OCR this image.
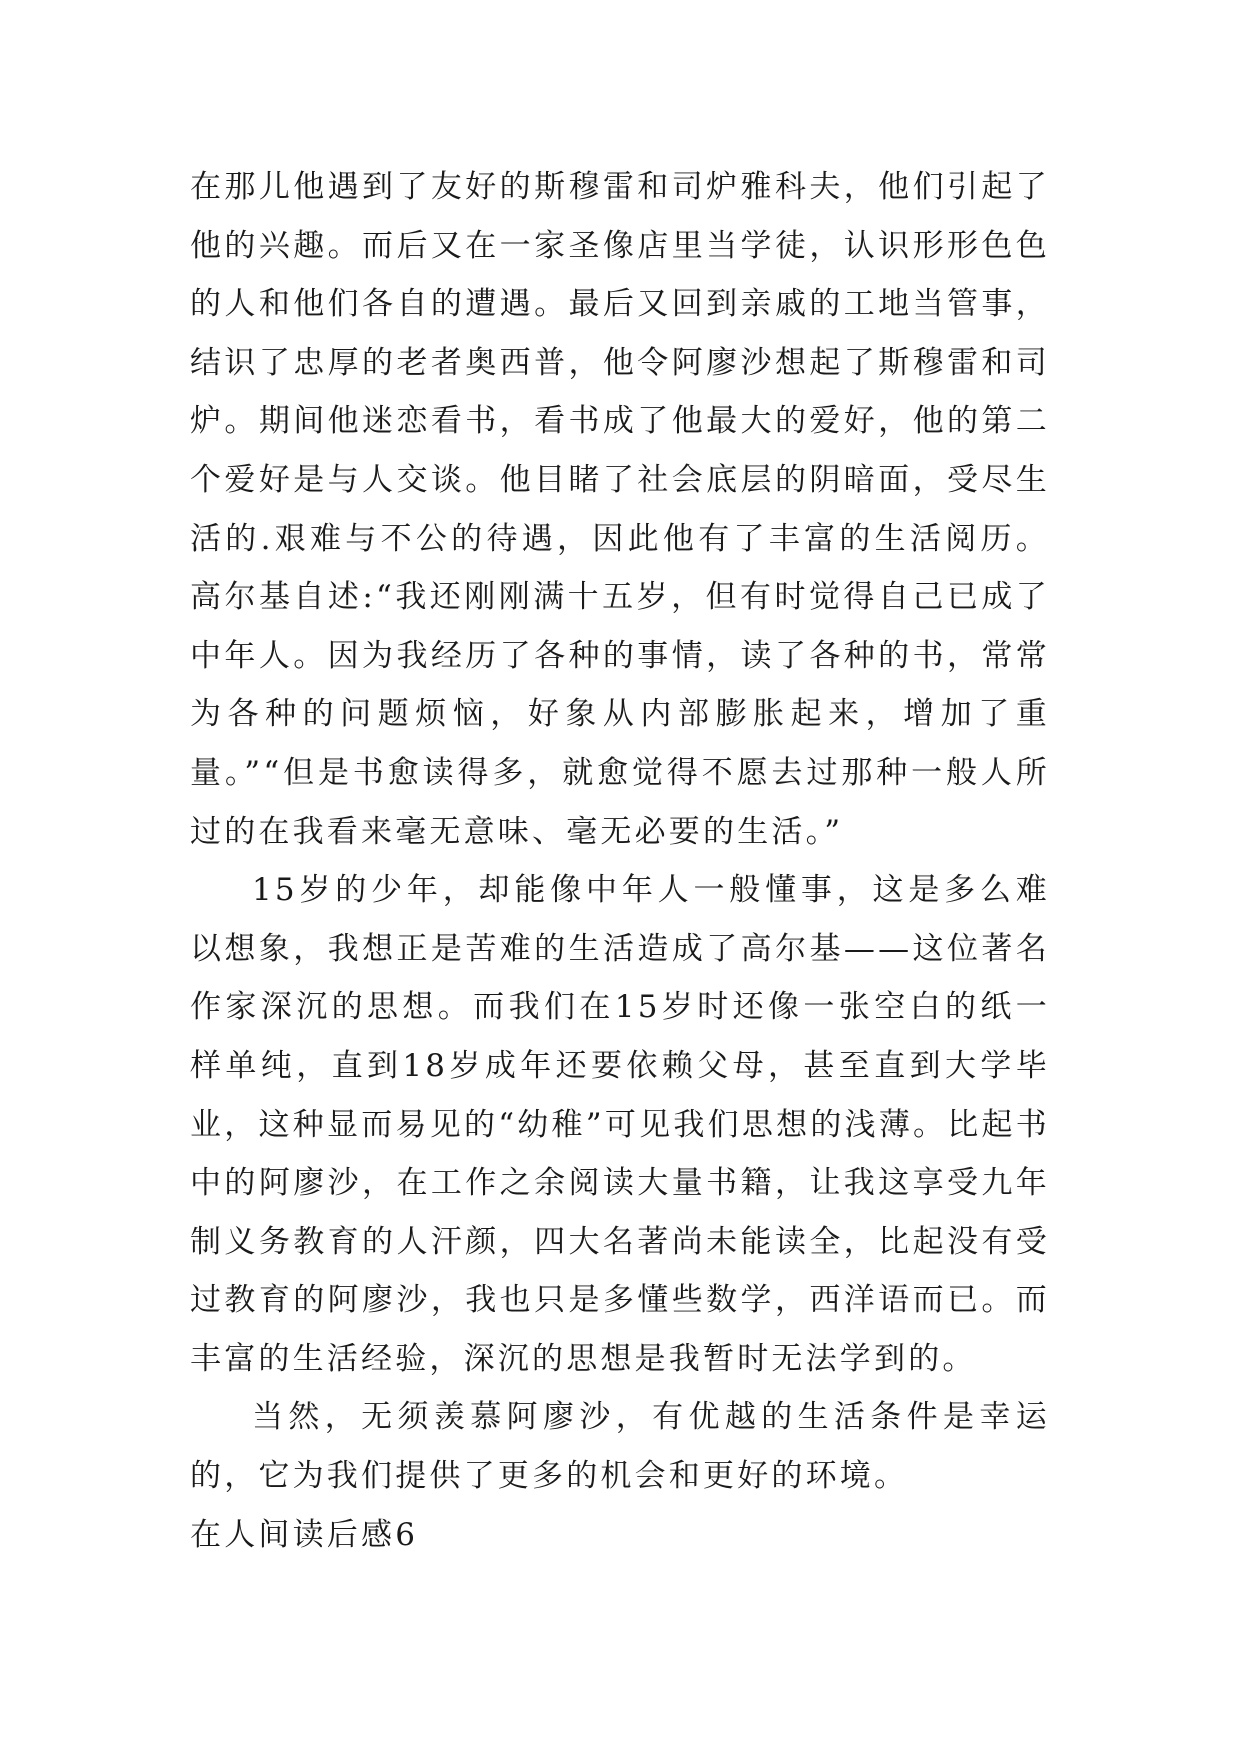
在那儿他遇到了友好的斯穆雷和司炉雅科夫，他们引起了他的兴趣。而后又在一家圣像店里当学徒，认识形形色色的人和他们各自的遭遇。最后又回到亲戚的工地当管事，结识了忠厚的老者奥西普，他令阿廖沙想起了斯穆雷和司炉。期间他迷恋看书，看书成了他最大的爱好，他的第二个爱好是与人交谈。他目睹了社会底层的阴暗面，受尽生活的.艰难与不公的待遇，因此他有了丰富的生活阅历。高尔基自述:“我还刚刚满十五岁，但有时觉得自己已成了中年人。因为我经历了各种的事情，读了各种的书，常常为各种的问题烦恼，好象从内部膨胀起来，增加了重量。”“但是书愈读得多，就愈觉得不愿去过那种一般人所过的在我看来毫无意味、毫无必要的生活。”

15岁的少年，却能像中年人一般懂事，这是多么难以想象，我想正是苦难的生活造成了高尔基——这位著名作家深沉的思想。而我们在15岁时还像一张空白的纸一样单纯，直到18岁成年还要依赖父母，甚至直到大学毕业，这种显而易见的“幼稚”可见我们思想的浅薄。比起书中的阿廖沙，在工作之余阅读大量书籍，让我这享受九年制义务教育的人汗颜，四大名著尚未能读全，比起没有受过教育的阿廖沙，我也只是多懂些数学，西洋语而已。而丰富的生活经验，深沉的思想是我暂时无法学到的。

当然，无须羡慕阿廖沙，有优越的生活条件是幸运的，它为我们提供了更多的机会和更好的环境。

在人间读后感6
